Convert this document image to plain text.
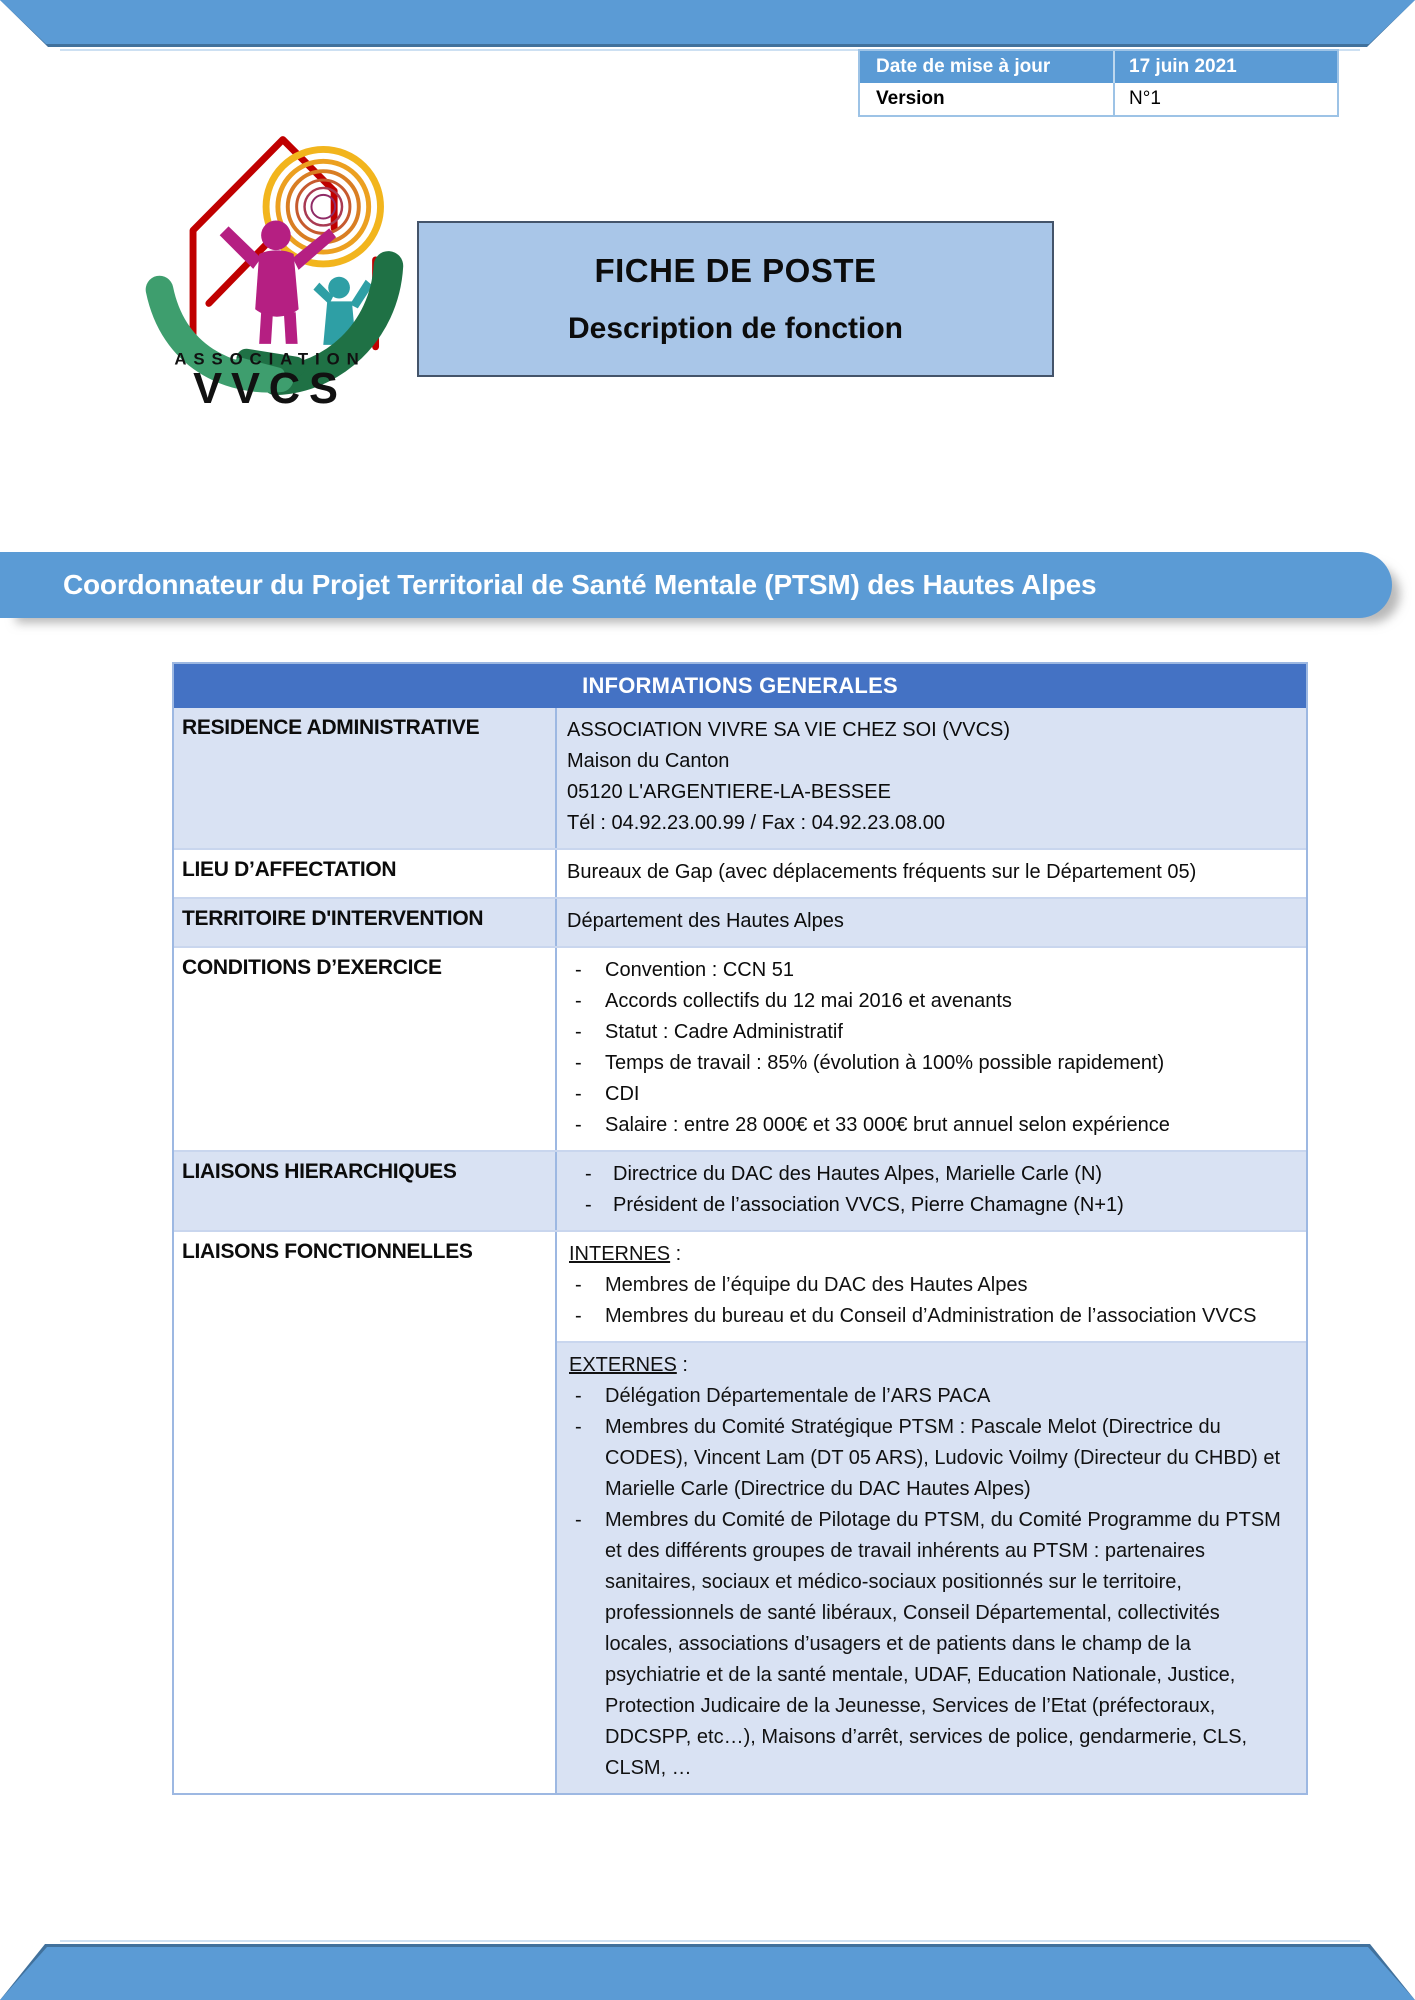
Date de mise à jour	17 juin 2021
Version	N°1
ASSOCIATION
VVCS
FICHE DE POSTE
Description de fonction
Coordonnateur du Projet Territorial de Santé Mentale (PTSM) des Hautes Alpes
INFORMATIONS GENERALES
RESIDENCE ADMINISTRATIVE	ASSOCIATION VIVRE SA VIE CHEZ SOI (VVCS)
Maison du Canton
05120 L'ARGENTIERE-LA-BESSEE
Tél : 04.92.23.00.99 / Fax : 04.92.23.08.00
LIEU D’AFFECTATION	Bureaux de Gap (avec déplacements fréquents sur le Département 05)
TERRITOIRE D'INTERVENTION	Département des Hautes Alpes
CONDITIONS D’EXERCICE	- Convention : CCN 51
- Accords collectifs du 12 mai 2016 et avenants
- Statut : Cadre Administratif
- Temps de travail : 85% (évolution à 100% possible rapidement)
- CDI
- Salaire : entre 28 000€ et 33 000€ brut annuel selon expérience
LIAISONS HIERARCHIQUES	- Directrice du DAC des Hautes Alpes, Marielle Carle (N)
- Président de l’association VVCS, Pierre Chamagne (N+1)
LIAISONS FONCTIONNELLES	INTERNES :
- Membres de l’équipe du DAC des Hautes Alpes
- Membres du bureau et du Conseil d’Administration de l’association VVCS
EXTERNES :
- Délégation Départementale de l’ARS PACA
- Membres du Comité Stratégique PTSM : Pascale Melot (Directrice du CODES), Vincent Lam (DT 05 ARS), Ludovic Voilmy (Directeur du CHBD) et Marielle Carle (Directrice du DAC Hautes Alpes)
- Membres du Comité de Pilotage du PTSM, du Comité Programme du PTSM et des différents groupes de travail inhérents au PTSM : partenaires sanitaires, sociaux et médico-sociaux positionnés sur le territoire, professionnels de santé libéraux, Conseil Départemental, collectivités locales, associations d’usagers et de patients dans le champ de la psychiatrie et de la santé mentale, UDAF, Education Nationale, Justice, Protection Judicaire de la Jeunesse, Services de l’Etat (préfectoraux, DDCSPP, etc…), Maisons d’arrêt, services de police, gendarmerie, CLS, CLSM, …
